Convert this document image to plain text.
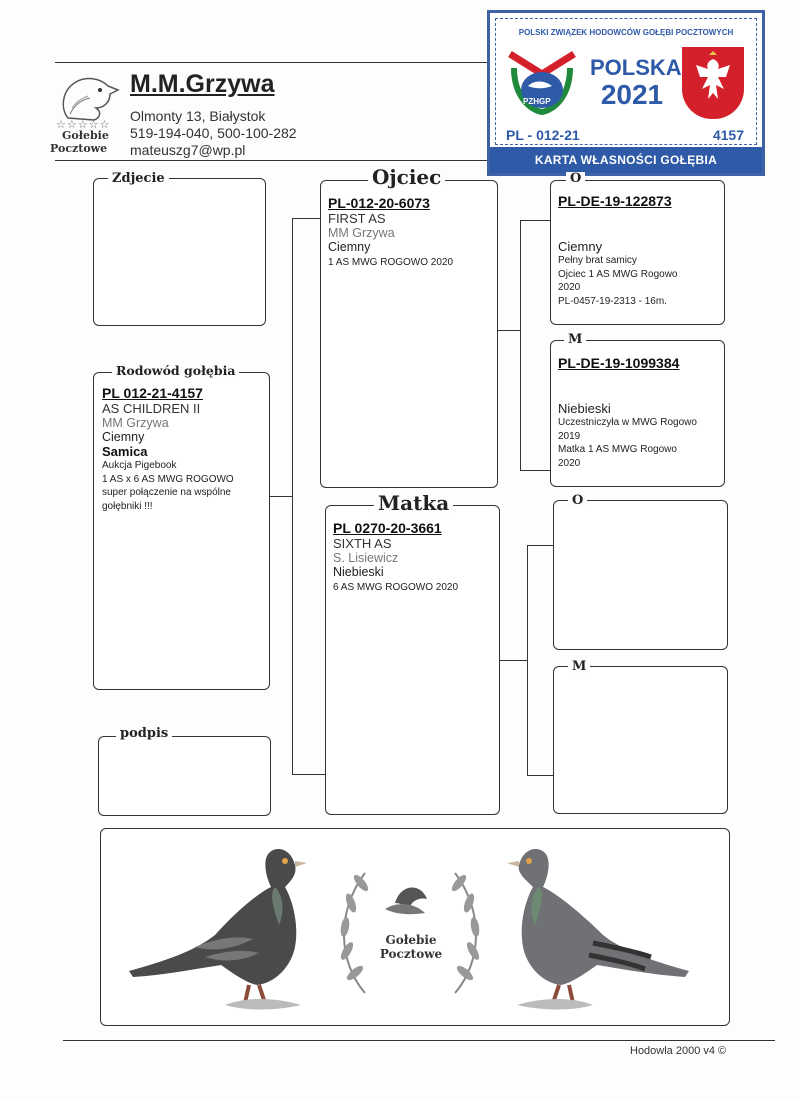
☆☆☆☆☆
Gołebie
Pocztowe
M.M.Grzywa
Olmonty 13, Białystok
519-194-040, 500-100-282
mateuszg7@wp.pl
POLSKI ZWIĄZEK HODOWCÓW GOŁĘBI POCZTOWYCH
PZHGP
POLSKA
2021
PL - 012-21	4157
KARTA WŁASNOŚCI GOŁĘBIA
Zdjecie
PL 012-21-4157
AS CHILDREN II
MM Grzywa
Ciemny
Samica
Aukcja Pigebook
1 AS x 6 AS MWG ROGOWO
super połączenie na wspólne
gołębniki !!!
Rodowód gołębia
podpis
PL-012-20-6073
FIRST AS
MM Grzywa
Ciemny
1 AS MWG ROGOWO 2020
Ojciec
PL 0270-20-3661
SIXTH AS
S. Lisiewicz
Niebieski
6 AS MWG ROGOWO 2020
Matka
PL-DE-19-122873
Ciemny
Pełny brat samicy
Ojciec 1 AS MWG Rogowo
2020
PL-0457-19-2313 - 16m.
O
PL-DE-19-1099384
Niebieski
Uczestniczyła w MWG Rogowo
2019
Matka 1 AS MWG Rogowo
2020
M
O
M
Gołebie
Pocztowe
Hodowla 2000 v4 ©
